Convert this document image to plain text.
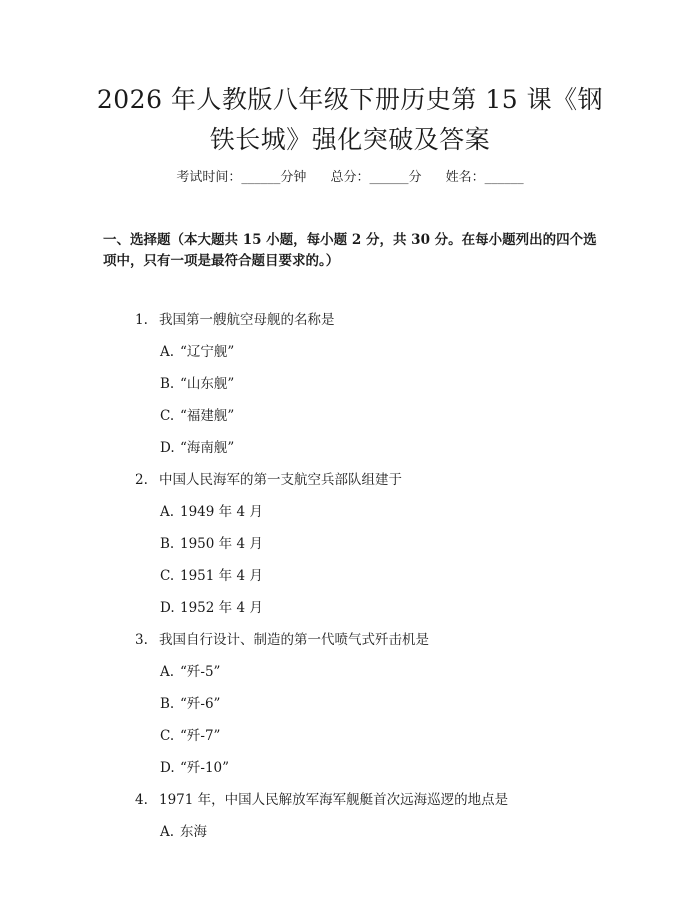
2026 年人教版八年级下册历史第 15 课《钢
铁长城》强化突破及答案
考试时间：______分钟 总分：______分 姓名：______
一、选择题（本大题共 15 小题，每小题 2 分，共 30 分。在每小题列出的四个选
项中，只有一项是最符合题目要求的。）
1. 我国第一艘航空母舰的名称是
A. “辽宁舰”
B. “山东舰”
C. “福建舰”
D. “海南舰”
2. 中国人民海军的第一支航空兵部队组建于
A. 1949 年 4 月
B. 1950 年 4 月
C. 1951 年 4 月
D. 1952 年 4 月
3. 我国自行设计、制造的第一代喷气式歼击机是
A. “歼-5”
B. “歼-6”
C. “歼-7”
D. “歼-10”
4. 1971 年，中国人民解放军海军舰艇首次远海巡逻的地点是
A. 东海
